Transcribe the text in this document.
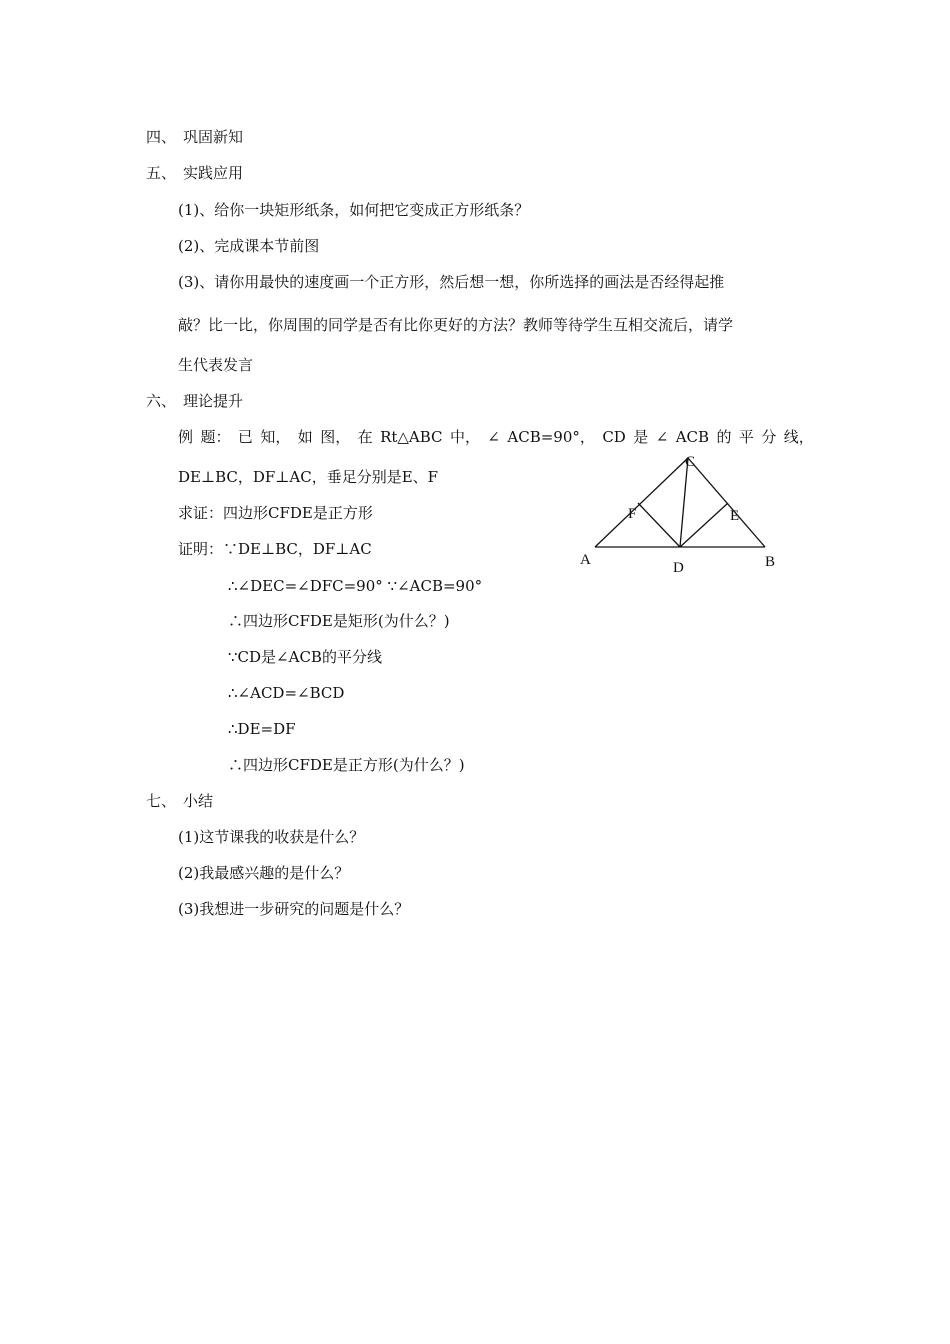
四、 巩固新知
五、 实践应用
(1)、给你一块矩形纸条，如何把它变成正方形纸条？
(2)、完成课本节前图
(3)、请你用最快的速度画一个正方形，然后想一想，你所选择的画法是否经得起推
敲？比一比，你周围的同学是否有比你更好的方法？教师等待学生互相交流后，请学
生代表发言
六、 理论提升
例 题： 已 知， 如 图， 在 Rt△ABC 中， ∠ ACB=90°， CD 是 ∠ ACB 的 平 分 线，
DE⊥BC，DF⊥AC，垂足分别是E、F
求证：四边形CFDE是正方形
证明：∵DE⊥BC，DF⊥AC
∴∠DEC=∠DFC=90° ∵∠ACB=90°
∴四边形CFDE是矩形(为什么？)
∵CD是∠ACB的平分线
∴∠ACD=∠BCD
∴DE=DF
∴四边形CFDE是正方形(为什么？)
C
F	E
A	D	B
七、 小结
(1)这节课我的收获是什么？
(2)我最感兴趣的是什么？
(3)我想进一步研究的问题是什么？
